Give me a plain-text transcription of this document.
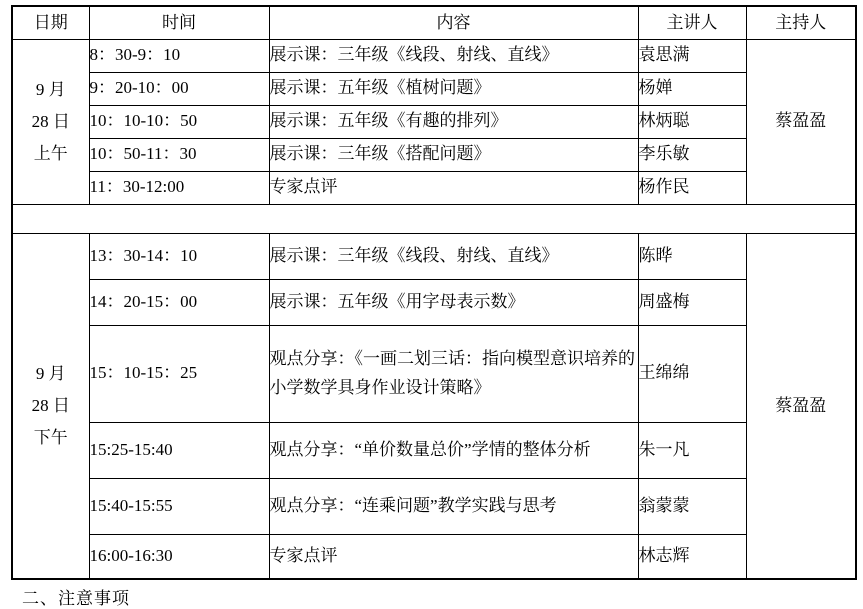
日期	时间	内容	主讲人	主持人

9 月
28 日
上午	8：30-9：10	展示课：三年级《线段、射线、直线》	袁思满	蔡盈盈
	9：20-10：00	展示课：五年级《植树问题》	杨婵	
	10：10-10：50	展示课：五年级《有趣的排列》	林炳聪	
	10：50-11：30	展示课：三年级《搭配问题》	李乐敏	
	11：30-12:00	专家点评	杨作民	

9 月
28 日
下午	13：30-14：10	展示课：三年级《线段、射线、直线》	陈晔	蔡盈盈
	14：20-15：00	展示课：五年级《用字母表示数》	周盛梅	
	15：10-15：25	观点分享：《一画二划三话：指向模型意识培养的小学数学具身作业设计策略》	王绵绵	
	15:25-15:40	观点分享：“单价数量总价”学情的整体分析	朱一凡	
	15:40-15:55	观点分享：“连乘问题”教学实践与思考	翁蒙蒙	
	16:00-16:30	专家点评	林志辉	
二、注意事项
